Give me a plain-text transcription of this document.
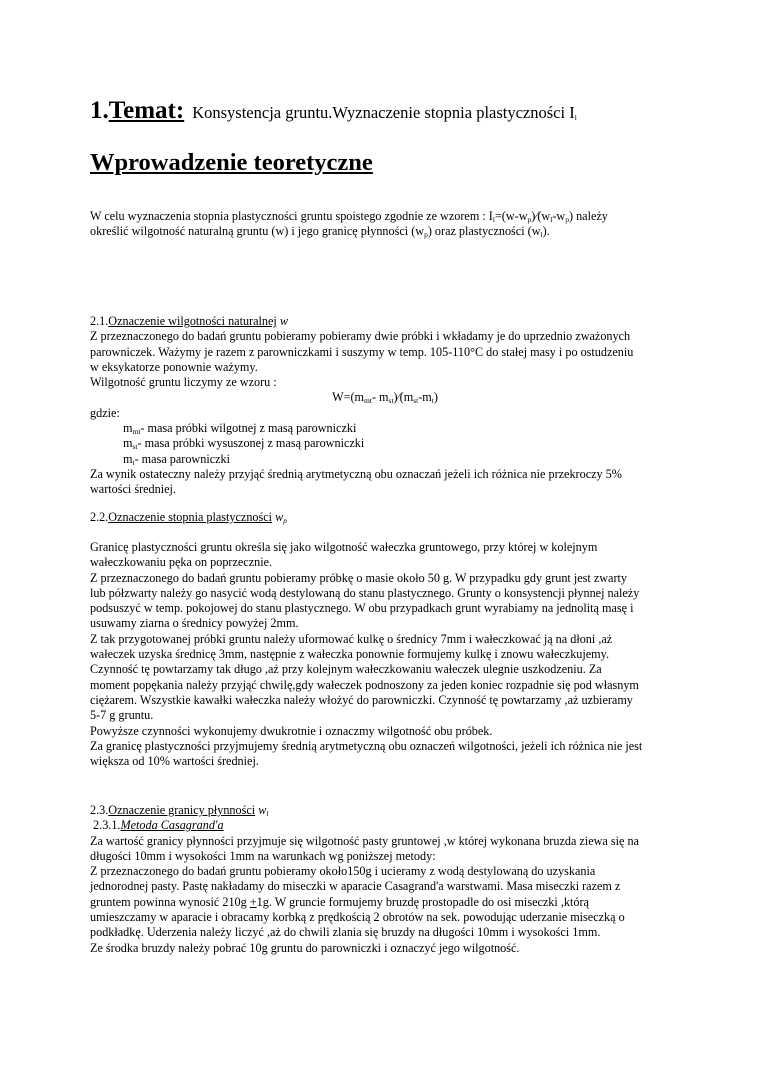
1.Temat: Konsystencja gruntu.Wyznaczenie stopnia plastyczności $I_l$
Wprowadzenie teoretyczne

W celu wyznaczenia stopnia plastyczności gruntu spoistego zgodnie ze wzorem : $I_l=(w-w_p)⁄(w_l-w_p)$ należy

określić wilgotność naturalną gruntu (w) i jego granicę płynności $(w_p)$ oraz plastyczności $(w_l)$.

2.1.Oznaczenie wilgotności naturalnej w

Z przeznaczonego do badań gruntu pobieramy pobieramy dwie próbki i wkładamy je do uprzednio zważonych

parowniczek. Ważymy je razem z parowniczkami i suszymy w temp. 105-110°C do stałej masy i po ostudzeniu

w eksykatorze ponownie ważymy.

Wilgotność gruntu liczymy ze wzoru :

$W=(m_{mt}-$ $m_{st})⁄(m_{st}-m_t)$

gdzie:

$m_{mt}-$ masa próbki wilgotnej z masą parowniczki

$m_{st}-$ masa próbki wysuszonej z masą parowniczki

$m_t-$ masa parowniczki

Za wynik ostateczny należy przyjąć średnią arytmetyczną obu oznaczań jeżeli ich różnica nie przekroczy 5%

wartości średniej.

2.2.Oznaczenie stopnia plastyczności $w_p$

Granicę plastyczności gruntu określa się jako wilgotność wałeczka gruntowego, przy której w kolejnym

wałeczkowaniu pęka on poprzecznie.

Z przeznaczonego do badań gruntu pobieramy próbkę o masie około 50 g. W przypadku gdy grunt jest zwarty

lub półzwarty należy go nasycić wodą destylowaną do stanu plastycznego. Grunty o konsystencji płynnej należy

podsuszyć w temp. pokojowej do stanu plastycznego. W obu przypadkach grunt wyrabiamy na jednolitą masę i

usuwamy ziarna o średnicy powyżej 2mm.

Z tak przygotowanej próbki gruntu należy uformować kulkę o średnicy 7mm i wałeczkować ją na dłoni ,aż

wałeczek uzyska średnicę 3mm, następnie z wałeczka ponownie formujemy kulkę i znowu wałeczkujemy.

Czynność tę powtarzamy tak długo ,aż przy kolejnym wałeczkowaniu wałeczek ulegnie uszkodzeniu. Za

moment popękania należy przyjąć chwilę,gdy wałeczek podnoszony za jeden koniec rozpadnie się pod własnym

ciężarem. Wszystkie kawałki wałeczka należy włożyć do parowniczki. Czynność tę powtarzamy ,aż uzbieramy

5-7 g gruntu.

Powyższe czynności wykonujemy dwukrotnie i oznaczmy wilgotność obu próbek.

Za granicę plastyczności przyjmujemy średnią arytmetyczną obu oznaczeń wilgotności, jeżeli ich różnica nie jest

większa od 10% wartości średniej.

2.3.Oznaczenie granicy płynności $w_l$

2.3.1.Metoda Casagrand'a

Za wartość granicy płynności przyjmuje się wilgotność pasty gruntowej ,w której wykonana bruzda ziewa się na

długości 10mm i wysokości 1mm na warunkach wg poniższej metody:

Z przeznaczonego do badań gruntu pobieramy około150g i ucieramy z wodą destylowaną do uzyskania

jednorodnej pasty. Pastę nakładamy do miseczki w aparacie Casagrand'a warstwami. Masa miseczki razem z

gruntem powinna wynosić 210g +1g. W gruncie formujemy bruzdę prostopadle do osi miseczki ,którą

umieszczamy w aparacie i obracamy korbką z prędkością 2 obrotów na sek. powodując uderzanie miseczką o

podkładkę. Uderzenia należy liczyć ,aż do chwili zlania się bruzdy na długości 10mm i wysokości 1mm.

Ze środka bruzdy należy pobrać 10g gruntu do parowniczki i oznaczyć jego wilgotność.
